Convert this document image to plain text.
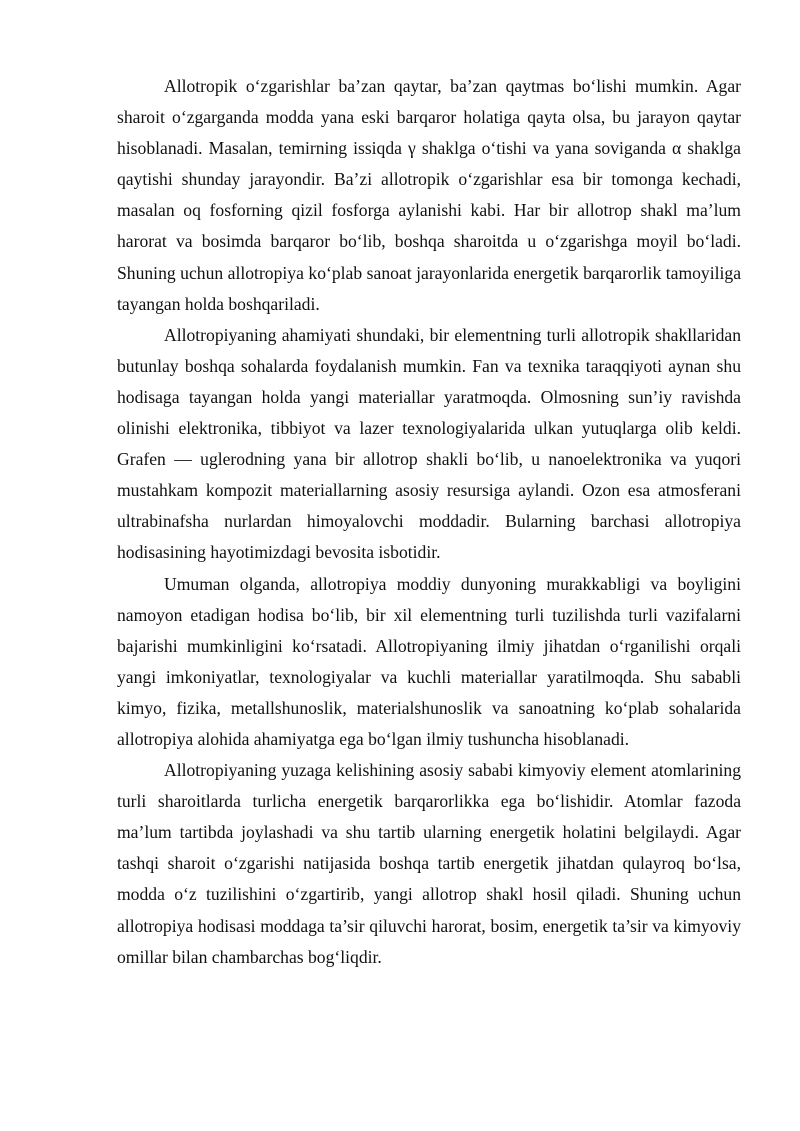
Allotropik o‘zgarishlar ba’zan qaytar, ba’zan qaytmas bo‘lishi mumkin. Agar sharoit o‘zgarganda modda yana eski barqaror holatiga qayta olsa, bu jarayon qaytar hisoblanadi. Masalan, temirning issiqda γ shaklga o‘tishi va yana soviganda α shaklga qaytishi shunday jarayondir. Ba’zi allotropik o‘zgarishlar esa bir tomonga kechadi, masalan oq fosforning qizil fosforga aylanishi kabi. Har bir allotrop shakl ma’lum harorat va bosimda barqaror bo‘lib, boshqa sharoitda u o‘zgarishga moyil bo‘ladi. Shuning uchun allotropiya ko‘plab sanoat jarayonlarida energetik barqarorlik tamoyiliga tayangan holda boshqariladi.

Allotropiyaning ahamiyati shundaki, bir elementning turli allotropik shakllaridan butunlay boshqa sohalarda foydalanish mumkin. Fan va texnika taraqqiyoti aynan shu hodisaga tayangan holda yangi materiallar yaratmoqda. Olmosning sun’iy ravishda olinishi elektronika, tibbiyot va lazer texnologiyalarida ulkan yutuqlarga olib keldi. Grafen — uglerodning yana bir allotrop shakli bo‘lib, u nanoelektronika va yuqori mustahkam kompozit materiallarning asosiy resursiga aylandi. Ozon esa atmosferani ultrabinafsha nurlardan himoyalovchi moddadir. Bularning barchasi allotropiya hodisasining hayotimizdagi bevosita isbotidir.

Umuman olganda, allotropiya moddiy dunyoning murakkabligi va boyligini namoyon etadigan hodisa bo‘lib, bir xil elementning turli tuzilishda turli vazifalarni bajarishi mumkinligini ko‘rsatadi. Allotropiyaning ilmiy jihatdan o‘rganilishi orqali yangi imkoniyatlar, texnologiyalar va kuchli materiallar yaratilmoqda. Shu sababli kimyo, fizika, metallshunoslik, materialshunoslik va sanoatning ko‘plab sohalarida allotropiya alohida ahamiyatga ega bo‘lgan ilmiy tushuncha hisoblanadi.

Allotropiyaning yuzaga kelishining asosiy sababi kimyoviy element atomlarining turli sharoitlarda turlicha energetik barqarorlikka ega bo‘lishidir. Atomlar fazoda ma’lum tartibda joylashadi va shu tartib ularning energetik holatini belgilaydi. Agar tashqi sharoit o‘zgarishi natijasida boshqa tartib energetik jihatdan qulayroq bo‘lsa, modda o‘z tuzilishini o‘zgartirib, yangi allotrop shakl hosil qiladi. Shuning uchun allotropiya hodisasi moddaga ta’sir qiluvchi harorat, bosim, energetik ta’sir va kimyoviy omillar bilan chambarchas bog‘liqdir.
